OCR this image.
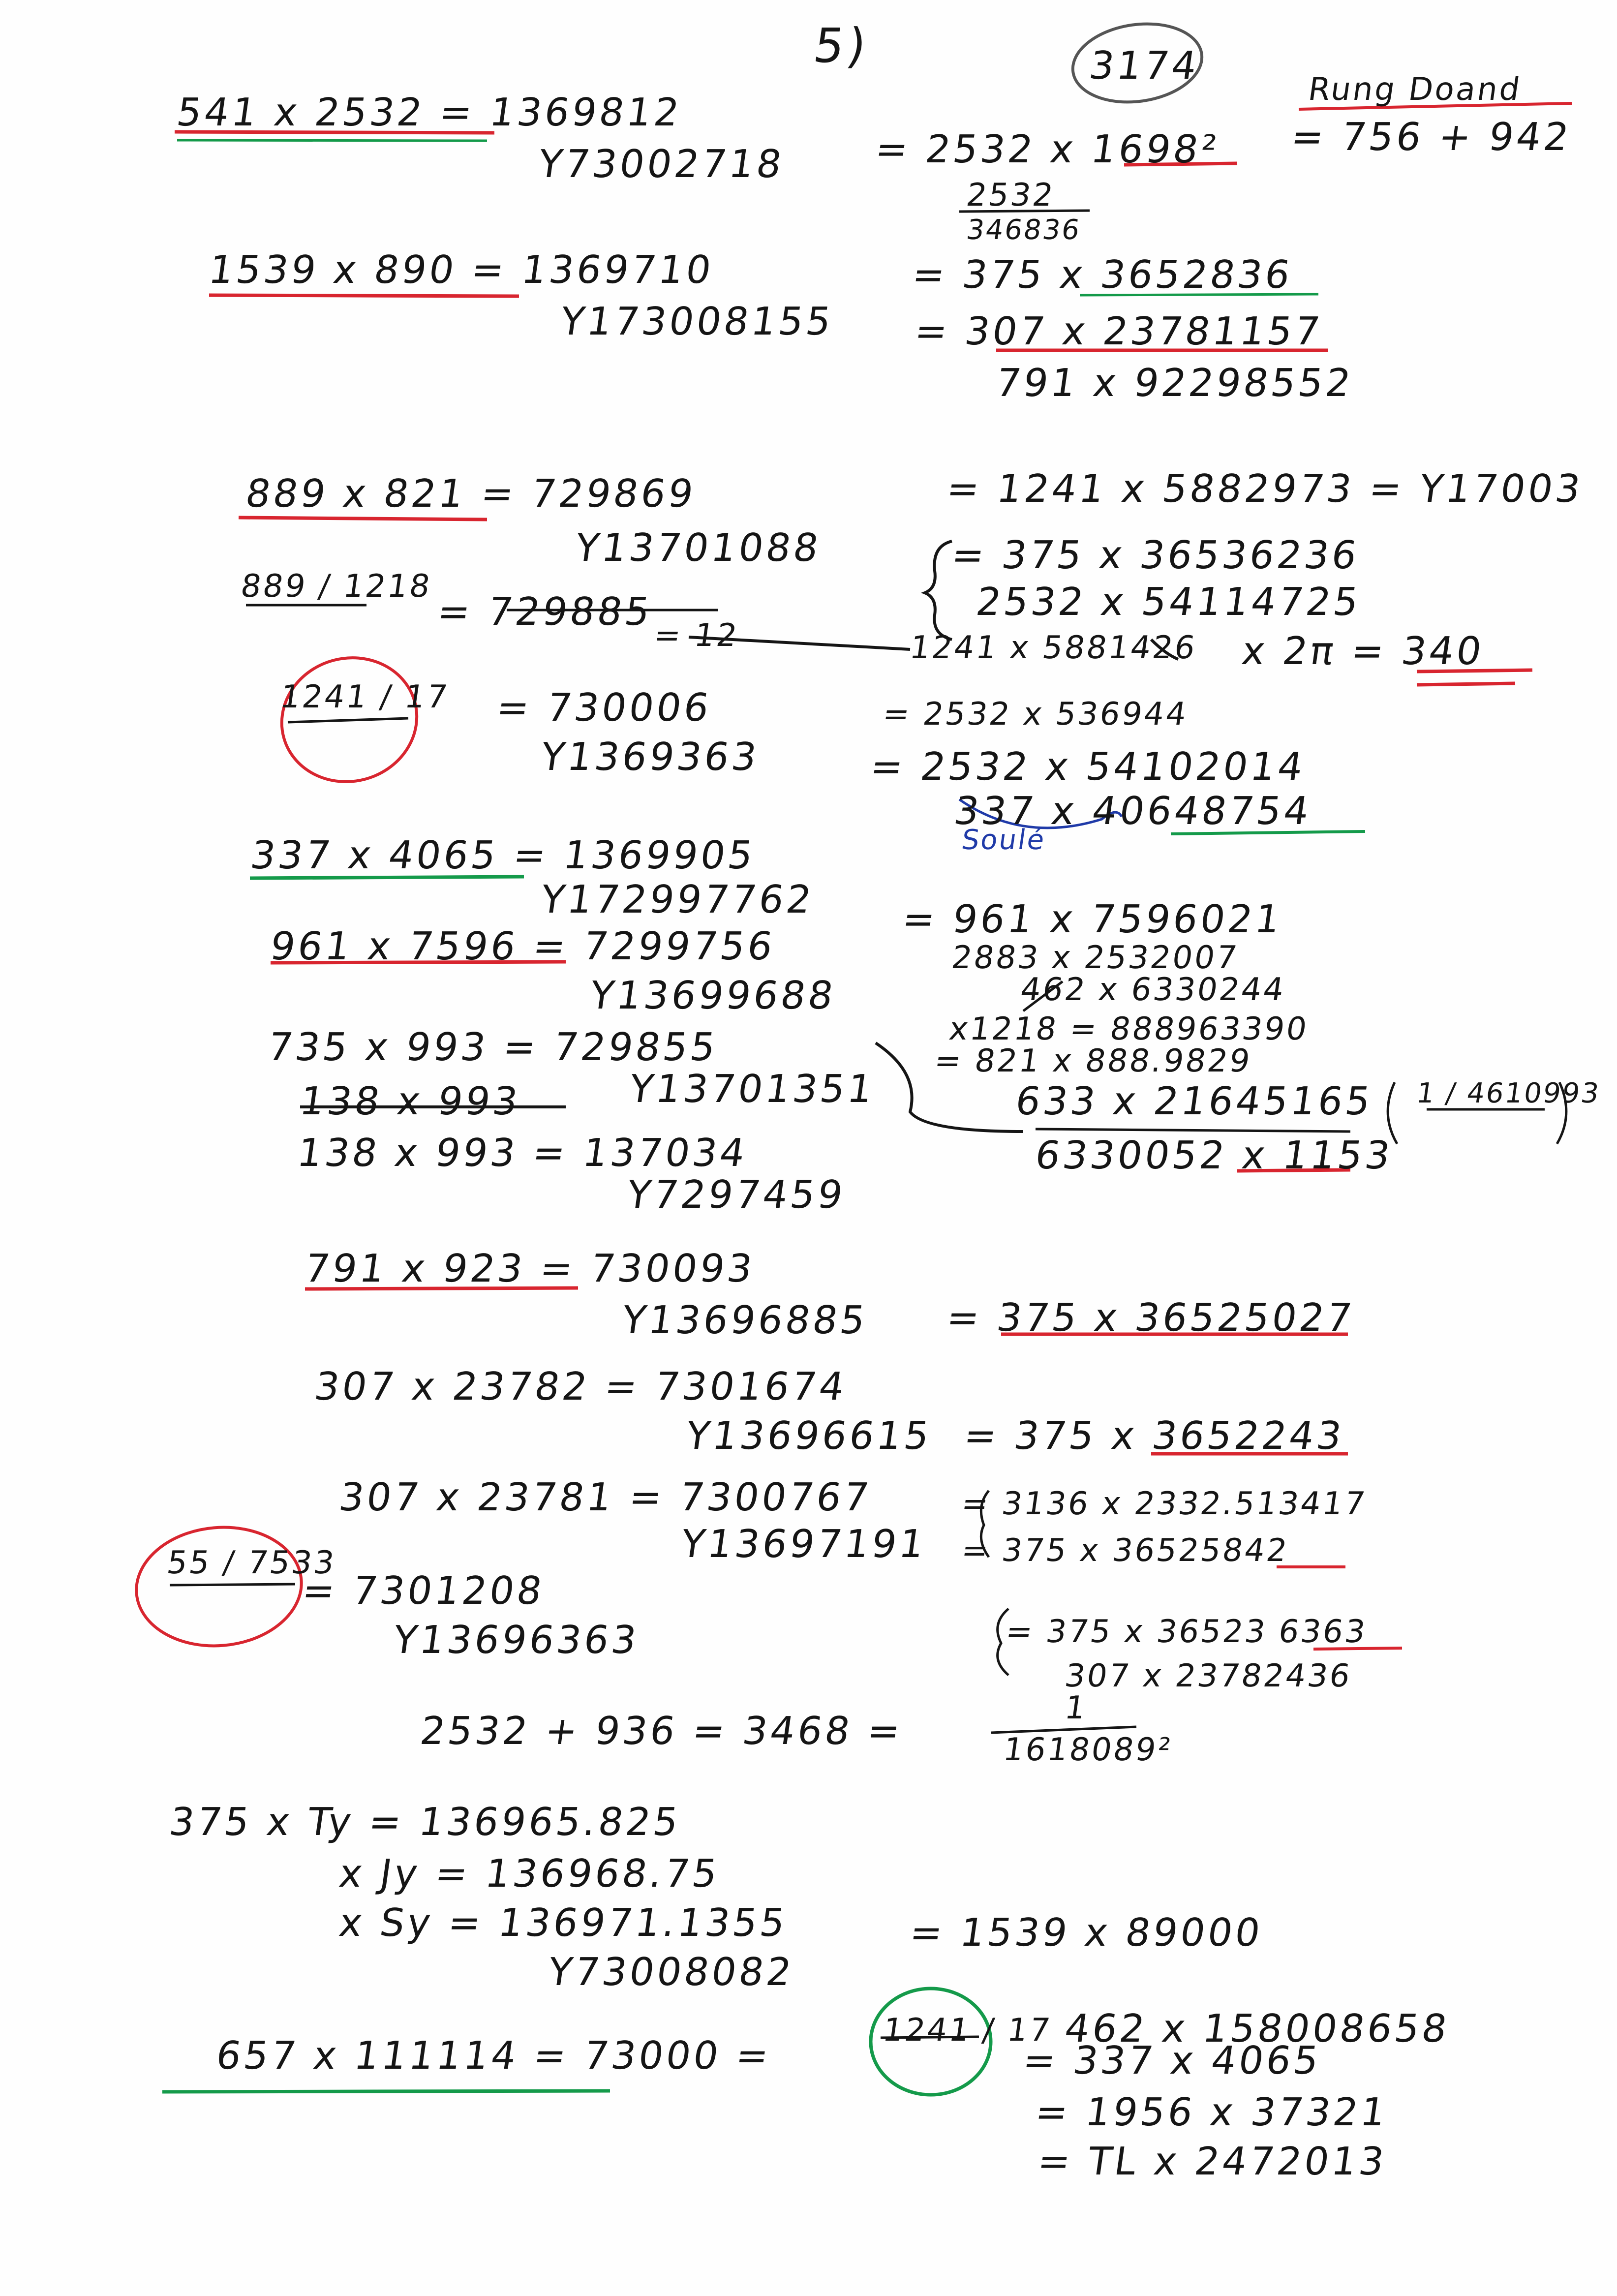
5)	3174
Rung Doand
541 x 2532 = 1369812
Y73002718 = 2532 x 1698² = 756 + 942
2532
346836
1539 x 890 = 1369710
Y173008155
= 375 x 3652836
= 307 x 23781157
791 x 92298552
889 x 821 = 729869
Y13701088
= 1241 x 5882973 = Y17003
= 375 x 36536236
2532 x 54114725
889 / 1218
= 729885
= 12	1241 x 5881426 x 2π = 340
1241 / 17 = 730006
Y1369363
= 2532 x 536944
= 2532 x 54102014
337 x 40648754
Soulé
337 x 4065 = 1369905
Y172997762 = 961 x 7596021
2883 x 2532007
961 x 7596 = 7299756
Y13699688	462 x 6330244
x1218 = 888963390
= 821 x 888.9829
735 x 993 = 729855
Y13701351	633 x 21645165 1 / 4610993
138 x 993
138 x 993 = 137034
Y7297459
6330052 x 1153
791 x 923 = 730093
Y13696885 = 375 x 36525027
307 x 23782 = 7301674
Y13696615 = 375 x 3652243
307 x 23781 = 7300767
Y13697191
= 3136 x 2332.513417
= 375 x 36525842
55 / 7533
= 7301208
Y13696363	= 375 x 36523 6363
307 x 23782436
2532 + 936 = 3468 =
1
1618089²
375 x Ty = 136965.825
x Jy = 136968.75
x Sy = 136971.1355	= 1539 x 89000
Y73008082
462 x 158008658
657 x 111114 = 73000 =
1241 / 17
= 337 x 4065
= 1956 x 37321
= TL x 2472013
